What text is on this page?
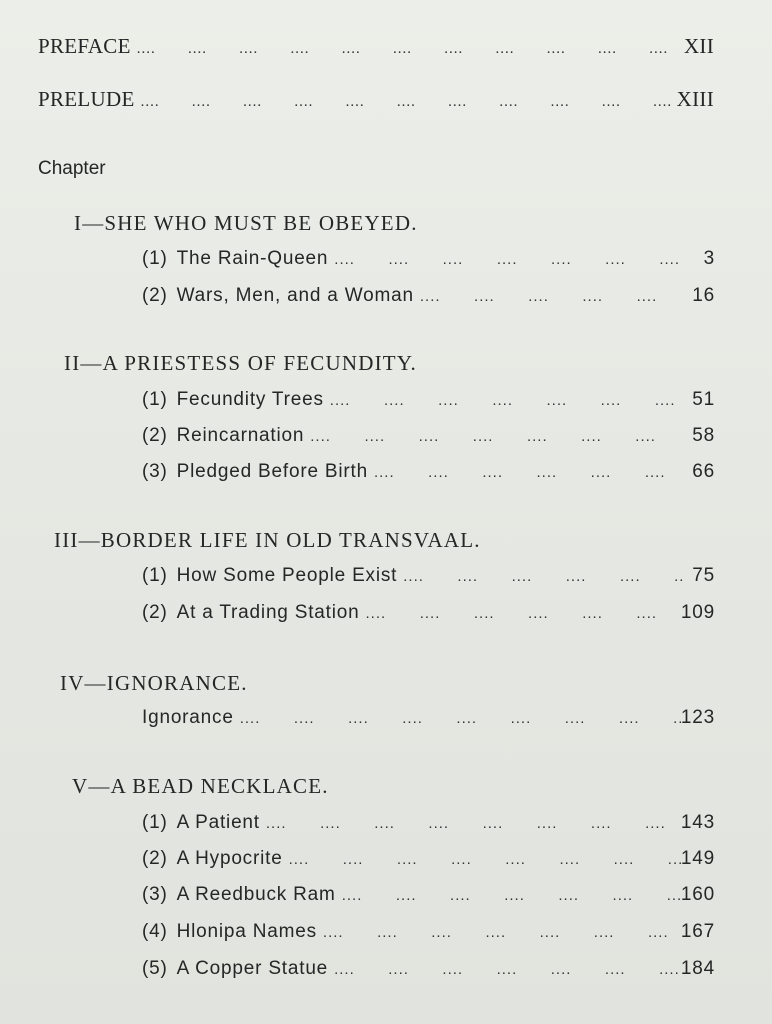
PREFACE ....	XII
PRELUDE ....	XIII
Chapter
I—SHE WHO MUST BE OBEYED.
(1) The Rain-Queen ....	3
(2) Wars, Men, and a Woman ....	16
II—A PRIESTESS OF FECUNDITY.
(1) Fecundity Trees ....	51
(2) Reincarnation ....	58
(3) Pledged Before Birth ....	66
III—BORDER LIFE IN OLD TRANSVAAL.
(1) How Some People Exist ....	75
(2) At a Trading Station ....	109
IV—IGNORANCE.
Ignorance ....	123
V—A BEAD NECKLACE.
(1) A Patient ....	143
(2) A Hypocrite ....	149
(3) A Reedbuck Ram ....	160
(4) Hlonipa Names ....	167
(5) A Copper Statue ....	184
